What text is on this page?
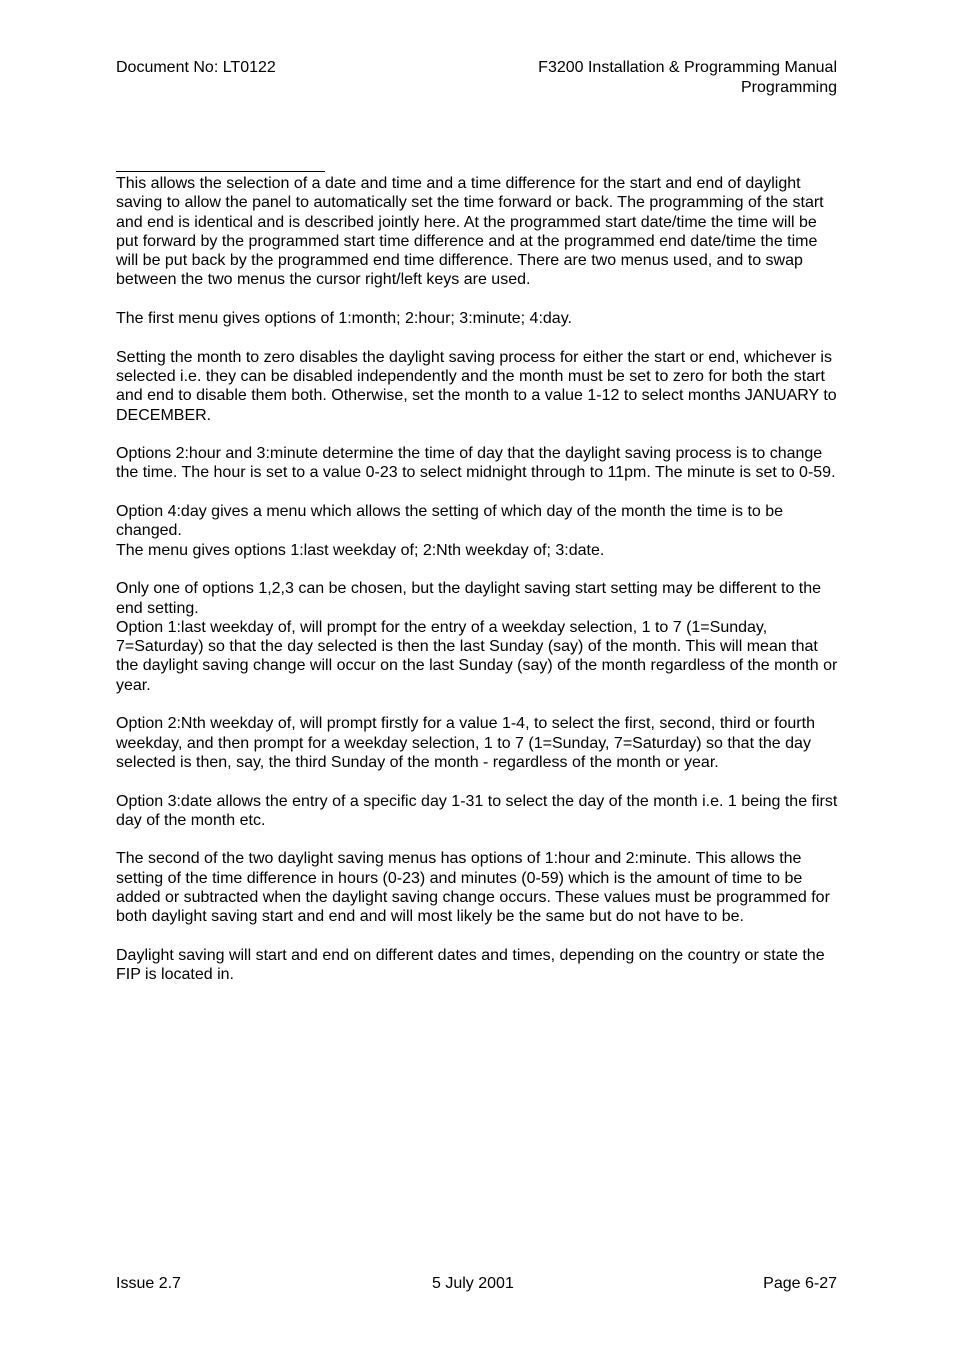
Document No: LT0122	F3200 Installation & Programming Manual
Programming

This allows the selection of a date and time and a time difference for the start and end of daylight saving to allow the panel to automatically set the time forward or back. The programming of the start and end is identical and is described jointly here. At the programmed start date/time the time will be put forward by the programmed start time difference and at the programmed end date/time the time will be put back by the programmed end time difference. There are two menus used, and to swap between the two menus the cursor right/left keys are used.

The first menu gives options of 1:month; 2:hour; 3:minute; 4:day.

Setting the month to zero disables the daylight saving process for either the start or end, whichever is selected i.e. they can be disabled independently and the month must be set to zero for both the start and end to disable them both. Otherwise, set the month to a value 1-12 to select months JANUARY to DECEMBER.

Options 2:hour and 3:minute determine the time of day that the daylight saving process is to change the time. The hour is set to a value 0-23 to select midnight through to 11pm. The minute is set to 0-59.

Option 4:day gives a menu which allows the setting of which day of the month the time is to be changed.

The menu gives options 1:last weekday of; 2:Nth weekday of; 3:date.

Only one of options 1,2,3 can be chosen, but the daylight saving start setting may be different to the end setting.

Option 1:last weekday of, will prompt for the entry of a weekday selection, 1 to 7 (1=Sunday, 7=Saturday) so that the day selected is then the last Sunday (say) of the month. This will mean that the daylight saving change will occur on the last Sunday (say) of the month regardless of the month or year.

Option 2:Nth weekday of, will prompt firstly for a value 1-4, to select the first, second, third or fourth weekday, and then prompt for a weekday selection, 1 to 7 (1=Sunday, 7=Saturday) so that the day selected is then, say, the third Sunday of the month - regardless of the month or year.

Option 3:date allows the entry of a specific day 1-31 to select the day of the month i.e. 1 being the first day of the month etc.

The second of the two daylight saving menus has options of 1:hour and 2:minute. This allows the setting of the time difference in hours (0-23) and minutes (0-59) which is the amount of time to be added or subtracted when the daylight saving change occurs. These values must be programmed for both daylight saving start and end and will most likely be the same but do not have to be.

Daylight saving will start and end on different dates and times, depending on the country or state the FIP is located in.

Issue 2.7	5 July 2001	Page 6-27
